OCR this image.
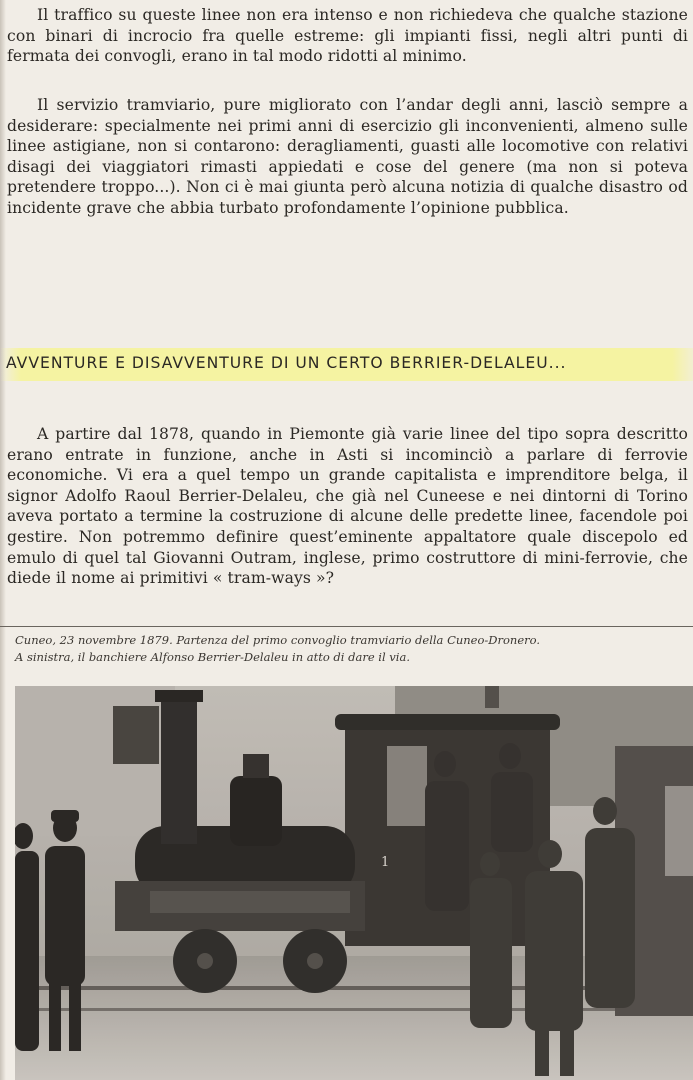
Il traffico su queste linee non era intenso e non richiedeva che qualche stazione con binari di incrocio fra quelle estreme: gli impianti fissi, negli altri punti di fermata dei convogli, erano in tal modo ridotti al minimo.

Il servizio tramviario, pure migliorato con l’andar degli anni, lasciò sempre a desiderare: specialmente nei primi anni di esercizio gli inconvenienti, almeno sulle linee astigiane, non si contarono: deragliamenti, guasti alle locomotive con relativi disagi dei viaggiatori rimasti appiedati e cose del genere (ma non si poteva pretendere troppo...). Non ci è mai giunta però alcuna notizia di qualche disastro od incidente grave che abbia turbato profondamente l’opinione pubblica.

AVVENTURE E DISAVVENTURE DI UN CERTO BERRIER-DELALEU...

A partire dal 1878, quando in Piemonte già varie linee del tipo sopra descritto erano entrate in funzione, anche in Asti si incominciò a parlare di ferrovie economiche. Vi era a quel tempo un grande capitalista e imprenditore belga, il signor Adolfo Raoul Berrier-Delaleu, che già nel Cuneese e nei dintorni di Torino aveva portato a termine la costruzione di alcune delle predette linee, facendole poi gestire. Non potremmo definire quest’eminente appaltatore quale discepolo ed emulo di quel tal Giovanni Outram, inglese, primo costruttore di mini-ferrovie, che diede il nome ai primitivi « tram-ways »?

Cuneo, 23 novembre 1879. Partenza del primo convoglio tramviario della Cuneo-Dronero.
A sinistra, il banchiere Alfonso Berrier-Delaleu in atto di dare il via.
1
